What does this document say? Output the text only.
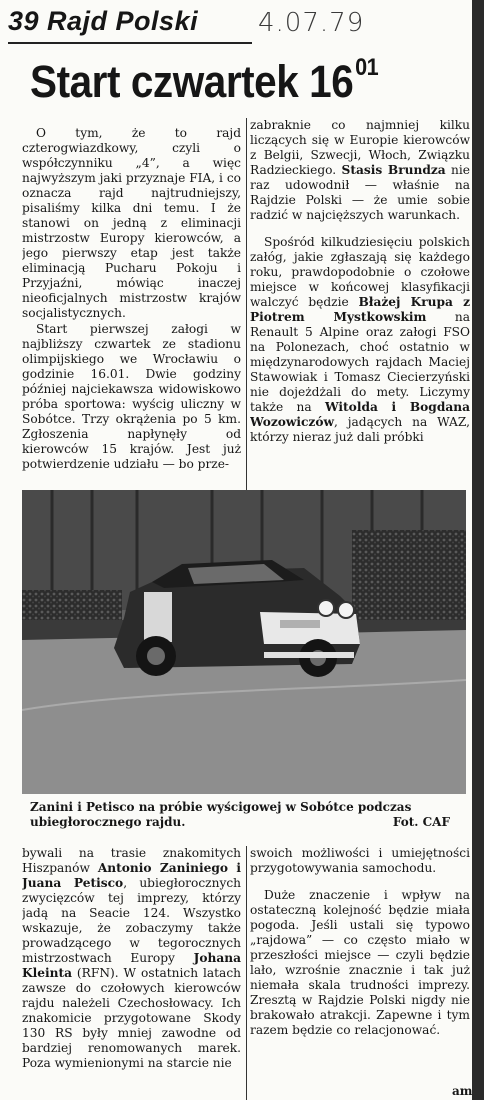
39 Rajd Polski 4.07.79
Start czwartek $16^{01}$

O tym, że to rajd czterogwiazdkowy, czyli o współczynniku „4”, a więc najwyższym jaki przyznaje FIA, i co oznacza rajd najtrudniejszy, pisaliśmy kilka dni temu. I że stanowi on jedną z eliminacji mistrzostw Europy kierowców, a jego pierwszy etap jest także eliminacją Pucharu Pokoju i Przyjaźni, mówiąc inaczej nieoficjalnych mistrzostw krajów socjalistycznych.

Start pierwszej załogi w najbliższy czwartek ze stadionu olimpijskiego we Wrocławiu o godzinie 16.01. Dwie godziny później najciekawsza widowiskowo próba sportowa: wyścig uliczny w Sobótce. Trzy okrążenia po 5 km. Zgłoszenia napłynęły od kierowców 15 krajów. Jest już potwierdzenie udziału — bo prze-

zabraknie co najmniej kilku liczących się w Europie kierowców z Belgii, Szwecji, Włoch, Związku Radzieckiego. Stasis Brundza nie raz udowodnił — właśnie na Rajdzie Polski — że umie sobie radzić w najcięższych warunkach.

Spośród kilkudziesięciu polskich załóg, jakie zgłaszają się każdego roku, prawdopodobnie o czołowe miejsce w końcowej klasyfikacji walczyć będzie Błażej Krupa z Piotrem Mystkowskim na Renault 5 Alpine oraz załogi FSO na Polonezach, choć ostatnio w międzynarodowych rajdach Maciej Stawowiak i Tomasz Ciecierzyński nie dojeżdżali do mety. Liczymy także na Witolda i Bogdana Wozowiczów, jadących na WAZ, którzy nieraz już dali próbki

Zanini i Petisco na próbie wyścigowej w Sobótce podczas ubiegłorocznego rajdu.	Fot. CAF

bywali na trasie znakomitych Hiszpanów Antonio Zaniniego i Juana Petisco, ubiegłorocznych zwycięzców tej imprezy, którzy jadą na Seacie 124. Wszystko wskazuje, że zobaczymy także prowadzącego w tegorocznych mistrzostwach Europy Johana Kleinta (RFN). W ostatnich latach zawsze do czołowych kierowców rajdu należeli Czechosłowacy. Ich znakomicie przygotowane Skody 130 RS były mniej zawodne od bardziej renomowanych marek. Poza wymienionymi na starcie nie

swoich możliwości i umiejętności przygotowywania samochodu.

Duże znaczenie i wpływ na ostateczną kolejność będzie miała pogoda. Jeśli ustali się typowo „rajdowa” — co często miało w przeszłości miejsce — czyli będzie lało, wzrośnie znacznie i tak już niemała skala trudności imprezy. Zresztą w Rajdzie Polski nigdy nie brakowało atrakcji. Zapewne i tym razem będzie co relacjonować.

am
